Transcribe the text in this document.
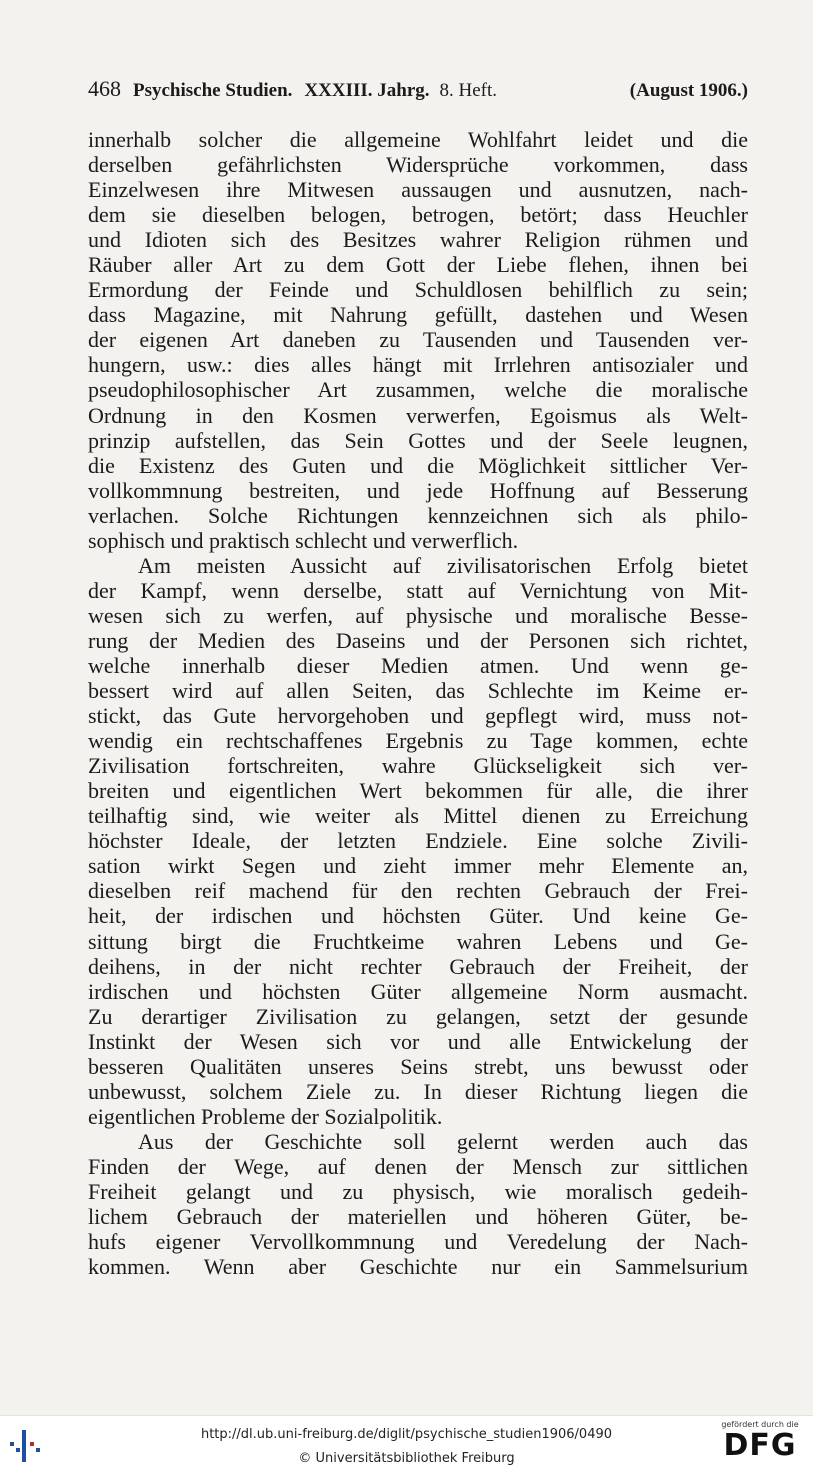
468 Psychische Studien. XXXIII. Jahrg. 8. Heft.	(August 1906.)
innerhalb solcher die allgemeine Wohlfahrt leidet und die
derselben gefährlichsten Widersprüche vorkommen, dass
Einzelwesen ihre Mitwesen aussaugen und ausnutzen, nach-
dem sie dieselben belogen, betrogen, betört; dass Heuchler
und Idioten sich des Besitzes wahrer Religion rühmen und
Räuber aller Art zu dem Gott der Liebe flehen, ihnen bei
Ermordung der Feinde und Schuldlosen behilflich zu sein;
dass Magazine, mit Nahrung gefüllt, dastehen und Wesen
der eigenen Art daneben zu Tausenden und Tausenden ver-
hungern, usw.: dies alles hängt mit Irrlehren antisozialer und
pseudophilosophischer Art zusammen, welche die moralische
Ordnung in den Kosmen verwerfen, Egoismus als Welt-
prinzip aufstellen, das Sein Gottes und der Seele leugnen,
die Existenz des Guten und die Möglichkeit sittlicher Ver-
vollkommnung bestreiten, und jede Hoffnung auf Besserung
verlachen. Solche Richtungen kennzeichnen sich als philo-
sophisch und praktisch schlecht und verwerflich.
Am meisten Aussicht auf zivilisatorischen Erfolg bietet
der Kampf, wenn derselbe, statt auf Vernichtung von Mit-
wesen sich zu werfen, auf physische und moralische Besse-
rung der Medien des Daseins und der Personen sich richtet,
welche innerhalb dieser Medien atmen. Und wenn ge-
bessert wird auf allen Seiten, das Schlechte im Keime er-
stickt, das Gute hervorgehoben und gepflegt wird, muss not-
wendig ein rechtschaffenes Ergebnis zu Tage kommen, echte
Zivilisation fortschreiten, wahre Glückseligkeit sich ver-
breiten und eigentlichen Wert bekommen für alle, die ihrer
teilhaftig sind, wie weiter als Mittel dienen zu Erreichung
höchster Ideale, der letzten Endziele. Eine solche Zivili-
sation wirkt Segen und zieht immer mehr Elemente an,
dieselben reif machend für den rechten Gebrauch der Frei-
heit, der irdischen und höchsten Güter. Und keine Ge-
sittung birgt die Fruchtkeime wahren Lebens und Ge-
deihens, in der nicht rechter Gebrauch der Freiheit, der
irdischen und höchsten Güter allgemeine Norm ausmacht.
Zu derartiger Zivilisation zu gelangen, setzt der gesunde
Instinkt der Wesen sich vor und alle Entwickelung der
besseren Qualitäten unseres Seins strebt, uns bewusst oder
unbewusst, solchem Ziele zu. In dieser Richtung liegen die
eigentlichen Probleme der Sozialpolitik.
Aus der Geschichte soll gelernt werden auch das
Finden der Wege, auf denen der Mensch zur sittlichen
Freiheit gelangt und zu physisch, wie moralisch gedeih-
lichem Gebrauch der materiellen und höheren Güter, be-
hufs eigener Vervollkommnung und Veredelung der Nach-
kommen. Wenn aber Geschichte nur ein Sammelsurium
http://dl.ub.uni-freiburg.de/diglit/psychische_studien1906/0490
© Universitätsbibliothek Freiburg
gefördert durch die
DFG
